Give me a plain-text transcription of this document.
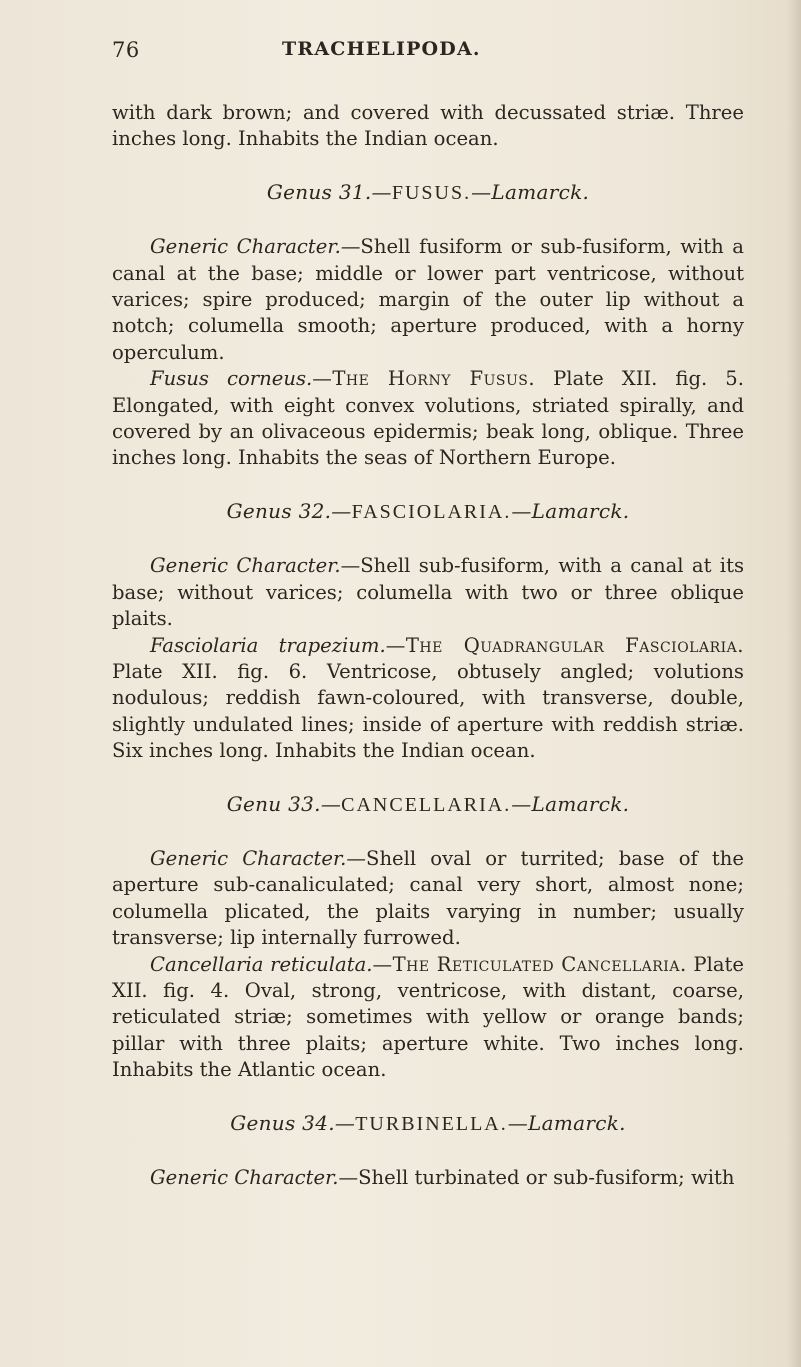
76	TRACHELIPODA.

with dark brown; and covered with decussated striæ. Three inches long. Inhabits the Indian ocean.

Genus 31.—FUSUS.—Lamarck.

Generic Character.—Shell fusiform or sub-fusiform, with a canal at the base; middle or lower part ventricose, without varices; spire produced; margin of the outer lip without a notch; columella smooth; aperture produced, with a horny operculum.

Fusus corneus.—The Horny Fusus. Plate XII. fig. 5. Elongated, with eight convex volutions, striated spirally, and covered by an olivaceous epidermis; beak long, oblique. Three inches long. Inhabits the seas of Northern Europe.

Genus 32.—FASCIOLARIA.—Lamarck.

Generic Character.—Shell sub-fusiform, with a canal at its base; without varices; columella with two or three oblique plaits.

Fasciolaria trapezium.—The Quadrangular Fasciolaria. Plate XII. fig. 6. Ventricose, obtusely angled; volutions nodulous; reddish fawn-coloured, with transverse, double, slightly undulated lines; inside of aperture with reddish striæ. Six inches long. Inhabits the Indian ocean.

Genu 33.—CANCELLARIA.—Lamarck.

Generic Character.—Shell oval or turrited; base of the aperture sub-canaliculated; canal very short, almost none; columella plicated, the plaits varying in number; usually transverse; lip internally furrowed.

Cancellaria reticulata.—The Reticulated Cancellaria. Plate XII. fig. 4. Oval, strong, ventricose, with distant, coarse, reticulated striæ; sometimes with yellow or orange bands; pillar with three plaits; aperture white. Two inches long. Inhabits the Atlantic ocean.

Genus 34.—TURBINELLA.—Lamarck.

Generic Character.—Shell turbinated or sub-fusiform; with
